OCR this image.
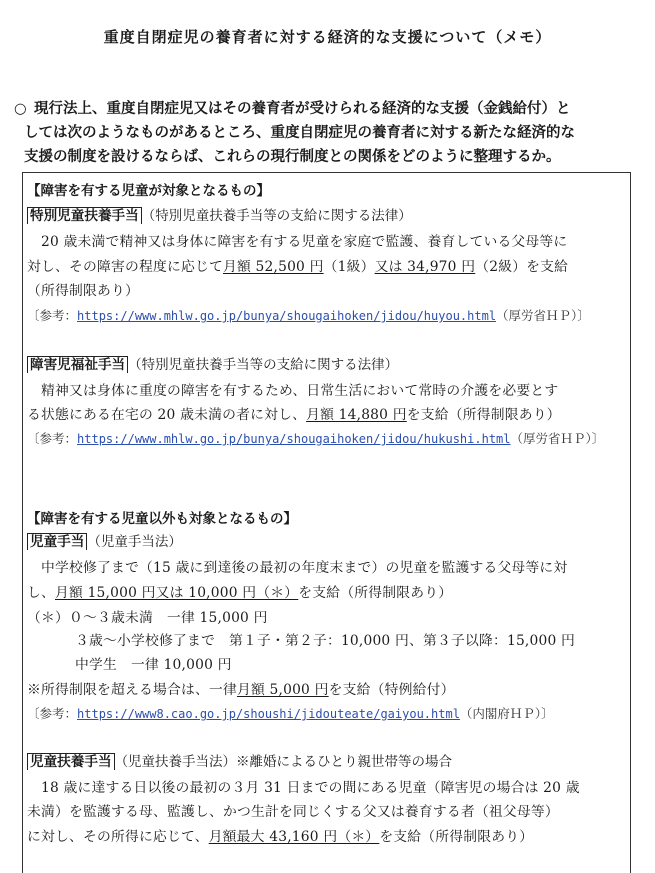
重度自閉症児の養育者に対する経済的な支援について（メモ）
○ 現行法上、重度自閉症児又はその養育者が受けられる経済的な支援（金銭給付）と
しては次のようなものがあるところ、重度自閉症児の養育者に対する新たな経済的な
支援の制度を設けるならば、これらの現行制度との関係をどのように整理するか。
【障害を有する児童が対象となるもの】
特別児童扶養手当 （特別児童扶養手当等の支給に関する法律）
　20 歳未満で精神又は身体に障害を有する児童を家庭で監護、養育している父母等に
対し、その障害の程度に応じて月額 52,500 円（1級）又は 34,970 円（2級）を支給
（所得制限あり）
〔参考：https://www.mhlw.go.jp/bunya/shougaihoken/jidou/huyou.html（厚労省ＨＰ）〕
障害児福祉手当 （特別児童扶養手当等の支給に関する法律）
　精神又は身体に重度の障害を有するため、日常生活において常時の介護を必要とす
る状態にある在宅の 20 歳未満の者に対し、月額 14,880 円を支給（所得制限あり）
〔参考：https://www.mhlw.go.jp/bunya/shougaihoken/jidou/hukushi.html（厚労省ＨＰ）〕
【障害を有する児童以外も対象となるもの】
児童手当 （児童手当法）
　中学校修了まで（15 歳に到達後の最初の年度末まで）の児童を監護する父母等に対
し、月額 15,000 円又は 10,000 円（＊）を支給（所得制限あり）
（＊）０～３歳未満　一律 15,000 円
３歳～小学校修了まで　第１子・第２子：10,000 円、第３子以降：15,000 円
中学生　一律 10,000 円
※所得制限を超える場合は、一律月額 5,000 円を支給（特例給付）
〔参考：https://www8.cao.go.jp/shoushi/jidouteate/gaiyou.html（内閣府ＨＰ）〕
児童扶養手当 （児童扶養手当法）※離婚によるひとり親世帯等の場合
　18 歳に達する日以後の最初の３月 31 日までの間にある児童（障害児の場合は 20 歳
未満）を監護する母、監護し、かつ生計を同じくする父又は養育する者（祖父母等）
に対し、その所得に応じて、月額最大 43,160 円（＊）を支給（所得制限あり）
